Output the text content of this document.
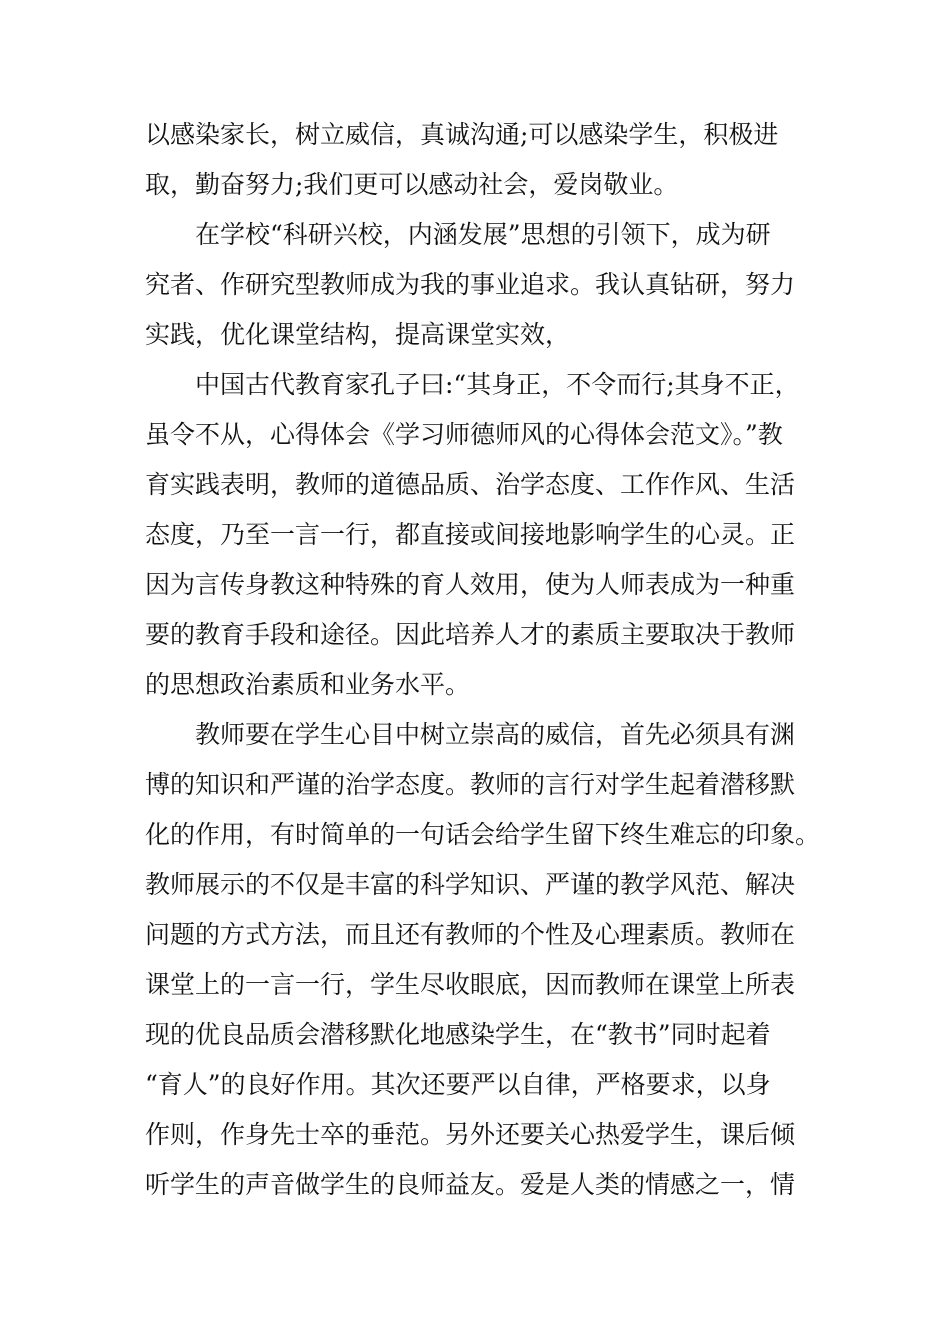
以感染家长，树立威信，真诚沟通;可以感染学生，积极进
取，勤奋努力;我们更可以感动社会，爱岗敬业。
在学校“科研兴校，内涵发展”思想的引领下，成为研
究者、作研究型教师成为我的事业追求。我认真钻研，努力
实践，优化课堂结构，提高课堂实效，
中国古代教育家孔子曰:“其身正，不令而行;其身不正，
虽令不从，心得体会《学习师德师风的心得体会范文》。”教
育实践表明，教师的道德品质、治学态度、工作作风、生活
态度，乃至一言一行，都直接或间接地影响学生的心灵。正
因为言传身教这种特殊的育人效用，使为人师表成为一种重
要的教育手段和途径。因此培养人才的素质主要取决于教师
的思想政治素质和业务水平。
教师要在学生心目中树立崇高的威信，首先必须具有渊
博的知识和严谨的治学态度。教师的言行对学生起着潜移默
化的作用，有时简单的一句话会给学生留下终生难忘的印象。
教师展示的不仅是丰富的科学知识、严谨的教学风范、解决
问题的方式方法，而且还有教师的个性及心理素质。教师在
课堂上的一言一行，学生尽收眼底，因而教师在课堂上所表
现的优良品质会潜移默化地感染学生，在“教书”同时起着
“育人”的良好作用。其次还要严以自律，严格要求，以身
作则，作身先士卒的垂范。另外还要关心热爱学生，课后倾
听学生的声音做学生的良师益友。爱是人类的情感之一，情
